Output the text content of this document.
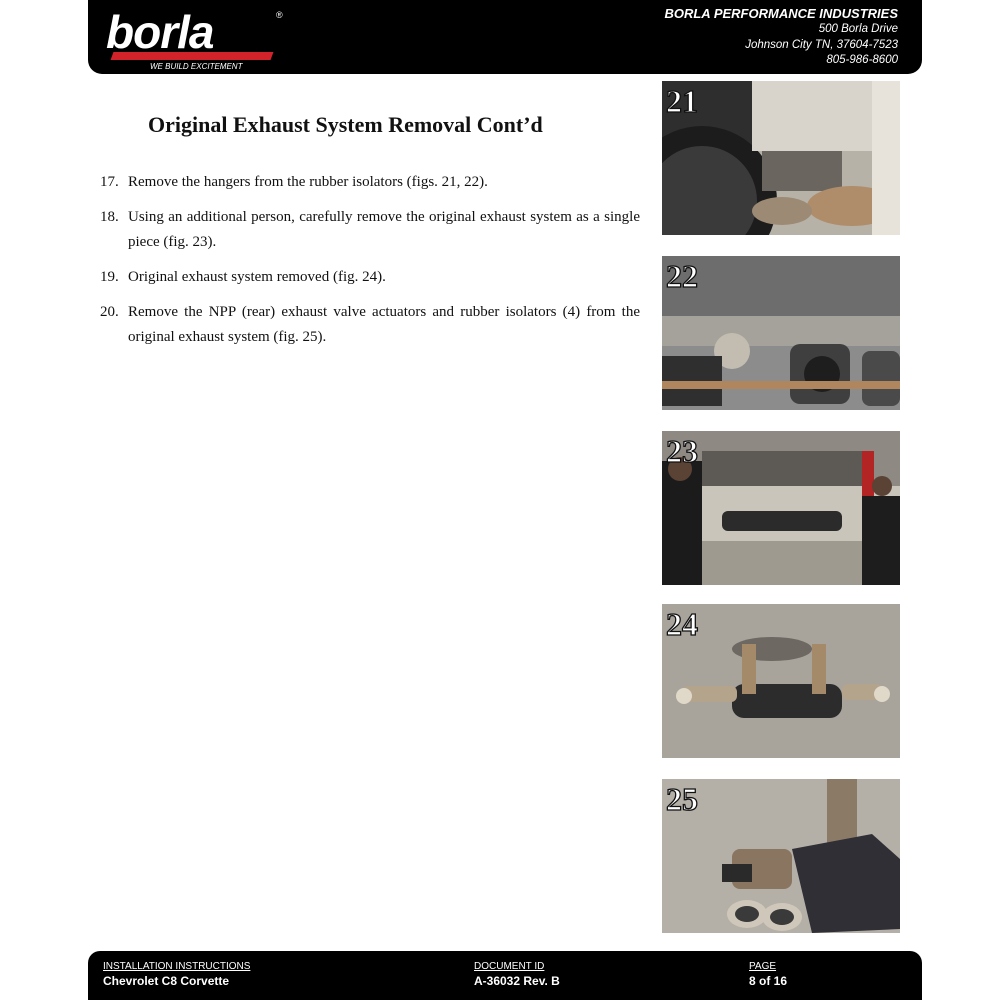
borla	®
WE BUILD EXCITEMENT
BORLA PERFORMANCE INDUSTRIES
500 Borla Drive
Johnson City TN, 37604-7523
805-986-8600
Original Exhaust System Removal Cont’d
17. Remove the hangers from the rubber isolators (figs. 21, 22).
18. Using an additional person, carefully remove the original exhaust system as a single piece (fig. 23).
19. Original exhaust system removed (fig. 24).
20. Remove the NPP (rear) exhaust valve actuators and rubber isolators (4) from the original exhaust system (fig. 25).
21
22
23
24
25
INSTALLATION INSTRUCTIONS
Chevrolet C8 Corvette
DOCUMENT ID
A-36032 Rev. B
PAGE
8 of 16
